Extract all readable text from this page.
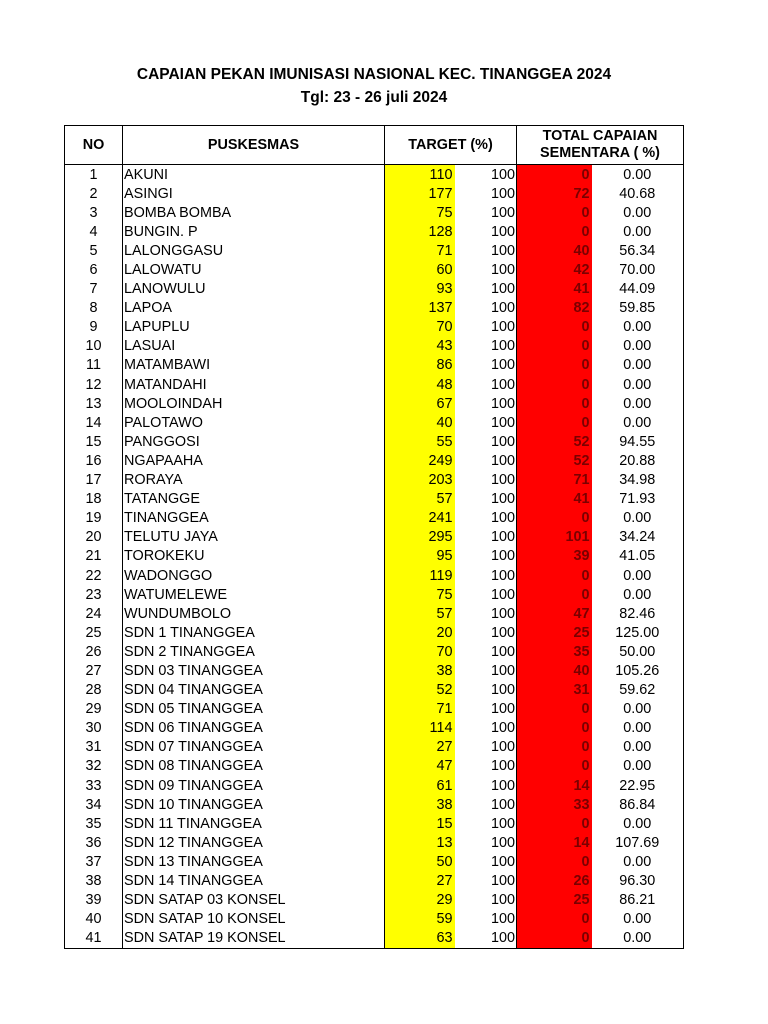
CAPAIAN PEKAN IMUNISASI NASIONAL KEC. TINANGGEA 2024
Tgl: 23 - 26 juli 2024
NO	PUSKESMAS	TARGET (%)		TOTAL CAPAIAN
SEMENTARA ( %)	

1	AKUNI	110	100	0	0.00
2	ASINGI	177	100	72	40.68
3	BOMBA BOMBA	75	100	0	0.00
4	BUNGIN. P	128	100	0	0.00
5	LALONGGASU	71	100	40	56.34
6	LALOWATU	60	100	42	70.00
7	LANOWULU	93	100	41	44.09
8	LAPOA	137	100	82	59.85
9	LAPUPLU	70	100	0	0.00
10	LASUAI	43	100	0	0.00
11	MATAMBAWI	86	100	0	0.00
12	MATANDAHI	48	100	0	0.00
13	MOOLOINDAH	67	100	0	0.00
14	PALOTAWO	40	100	0	0.00
15	PANGGOSI	55	100	52	94.55
16	NGAPAAHA	249	100	52	20.88
17	RORAYA	203	100	71	34.98
18	TATANGGE	57	100	41	71.93
19	TINANGGEA	241	100	0	0.00
20	TELUTU JAYA	295	100	101	34.24
21	TOROKEKU	95	100	39	41.05
22	WADONGGO	119	100	0	0.00
23	WATUMELEWE	75	100	0	0.00
24	WUNDUMBOLO	57	100	47	82.46
25	SDN 1 TINANGGEA	20	100	25	125.00
26	SDN 2 TINANGGEA	70	100	35	50.00
27	SDN 03 TINANGGEA	38	100	40	105.26
28	SDN 04 TINANGGEA	52	100	31	59.62
29	SDN 05 TINANGGEA	71	100	0	0.00
30	SDN 06 TINANGGEA	114	100	0	0.00
31	SDN 07 TINANGGEA	27	100	0	0.00
32	SDN 08 TINANGGEA	47	100	0	0.00
33	SDN 09 TINANGGEA	61	100	14	22.95
34	SDN 10 TINANGGEA	38	100	33	86.84
35	SDN 11 TINANGGEA	15	100	0	0.00
36	SDN 12 TINANGGEA	13	100	14	107.69
37	SDN 13 TINANGGEA	50	100	0	0.00
38	SDN 14 TINANGGEA	27	100	26	96.30
39	SDN SATAP 03 KONSEL	29	100	25	86.21
40	SDN SATAP 10 KONSEL	59	100	0	0.00
41	SDN SATAP 19 KONSEL	63	100	0	0.00
